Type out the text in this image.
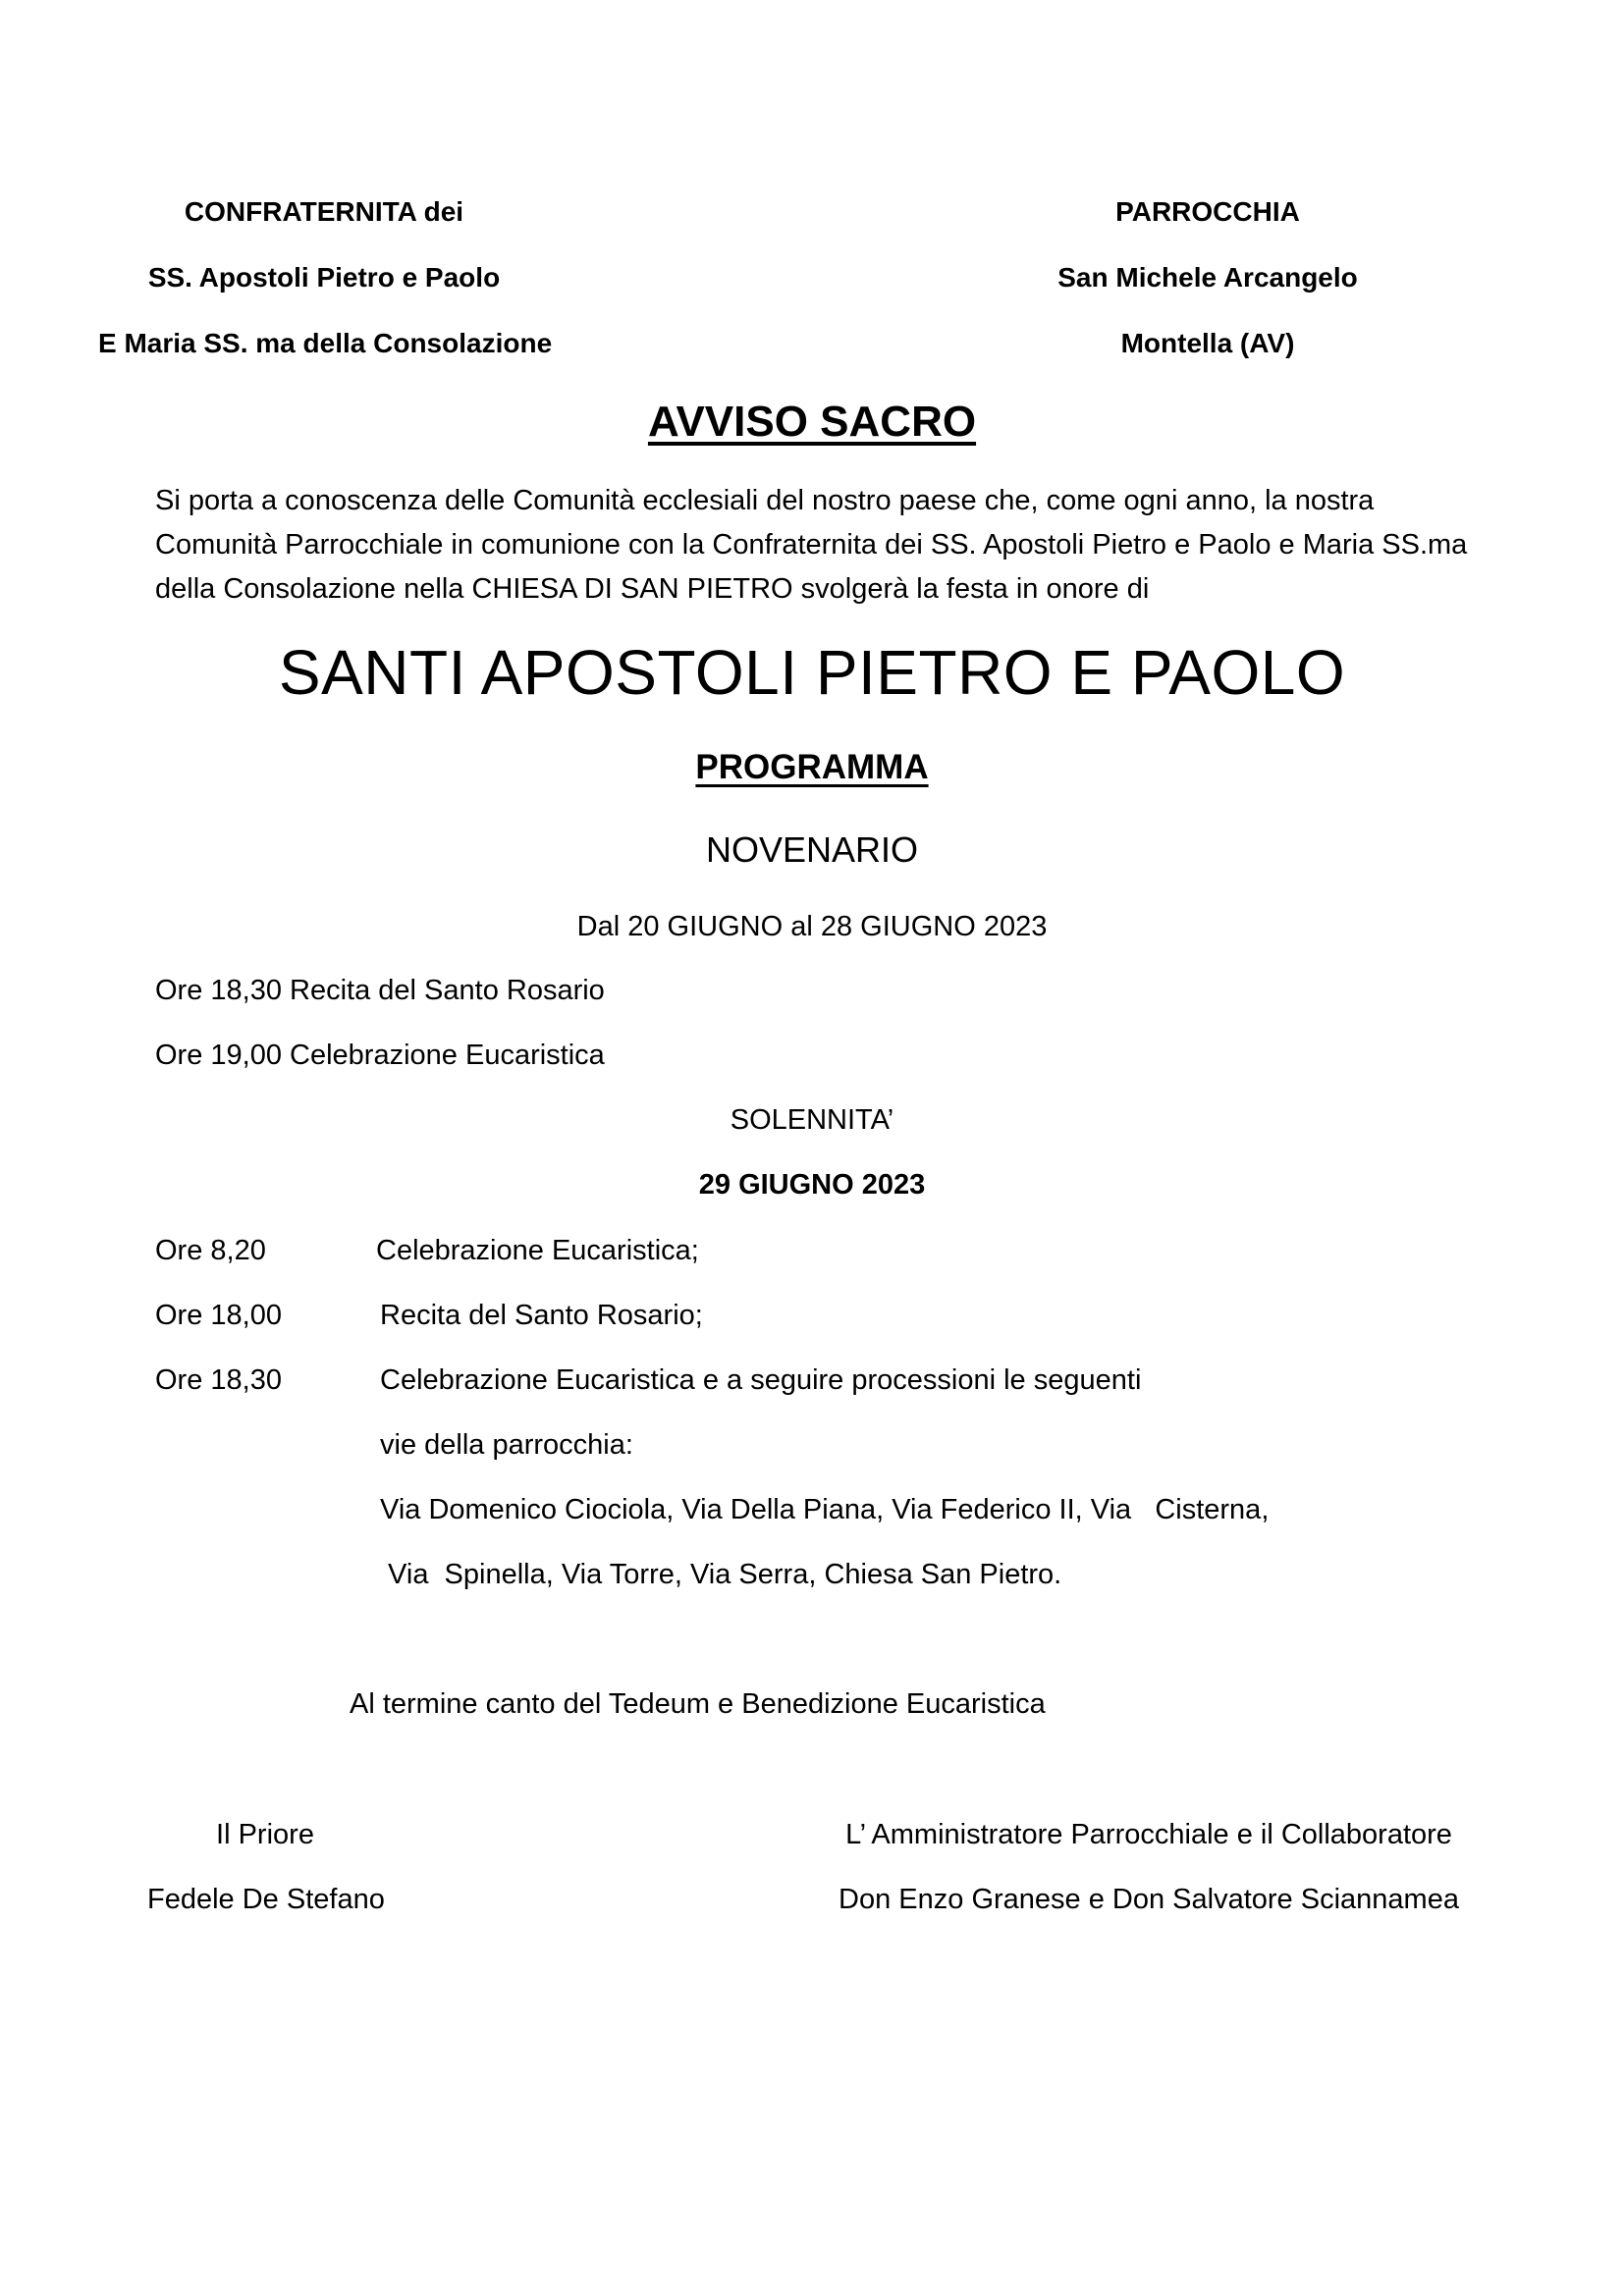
CONFRATERNITA dei
SS. Apostoli Pietro e Paolo
E Maria SS. ma della Consolazione
PARROCCHIA
San Michele Arcangelo
Montella (AV)
AVVISO SACRO
Si porta a conoscenza delle Comunità ecclesiali del nostro paese che, come ogni anno, la nostra Comunità Parrocchiale in comunione con la Confraternita dei SS. Apostoli Pietro e Paolo e Maria SS.ma della Consolazione nella CHIESA DI SAN PIETRO svolgerà la festa in onore di
SANTI APOSTOLI PIETRO E PAOLO
PROGRAMMA
NOVENARIO
Dal 20 GIUGNO al 28 GIUGNO 2023
Ore 18,30 Recita del Santo Rosario
Ore 19,00 Celebrazione Eucaristica
SOLENNITA’
29 GIUGNO 2023
Ore 8,20	Celebrazione Eucaristica;
Ore 18,00	Recita del Santo Rosario;
Ore 18,30	Celebrazione Eucaristica e a seguire processioni le seguenti
vie della parrocchia:
Via Domenico Ciociola, Via Della Piana, Via Federico II, Via   Cisterna,
Via  Spinella, Via Torre, Via Serra, Chiesa San Pietro.
Al termine canto del Tedeum e Benedizione Eucaristica
Il Priore
Fedele De Stefano
L’ Amministratore Parrocchiale e il Collaboratore
Don Enzo Granese e Don Salvatore Sciannamea
